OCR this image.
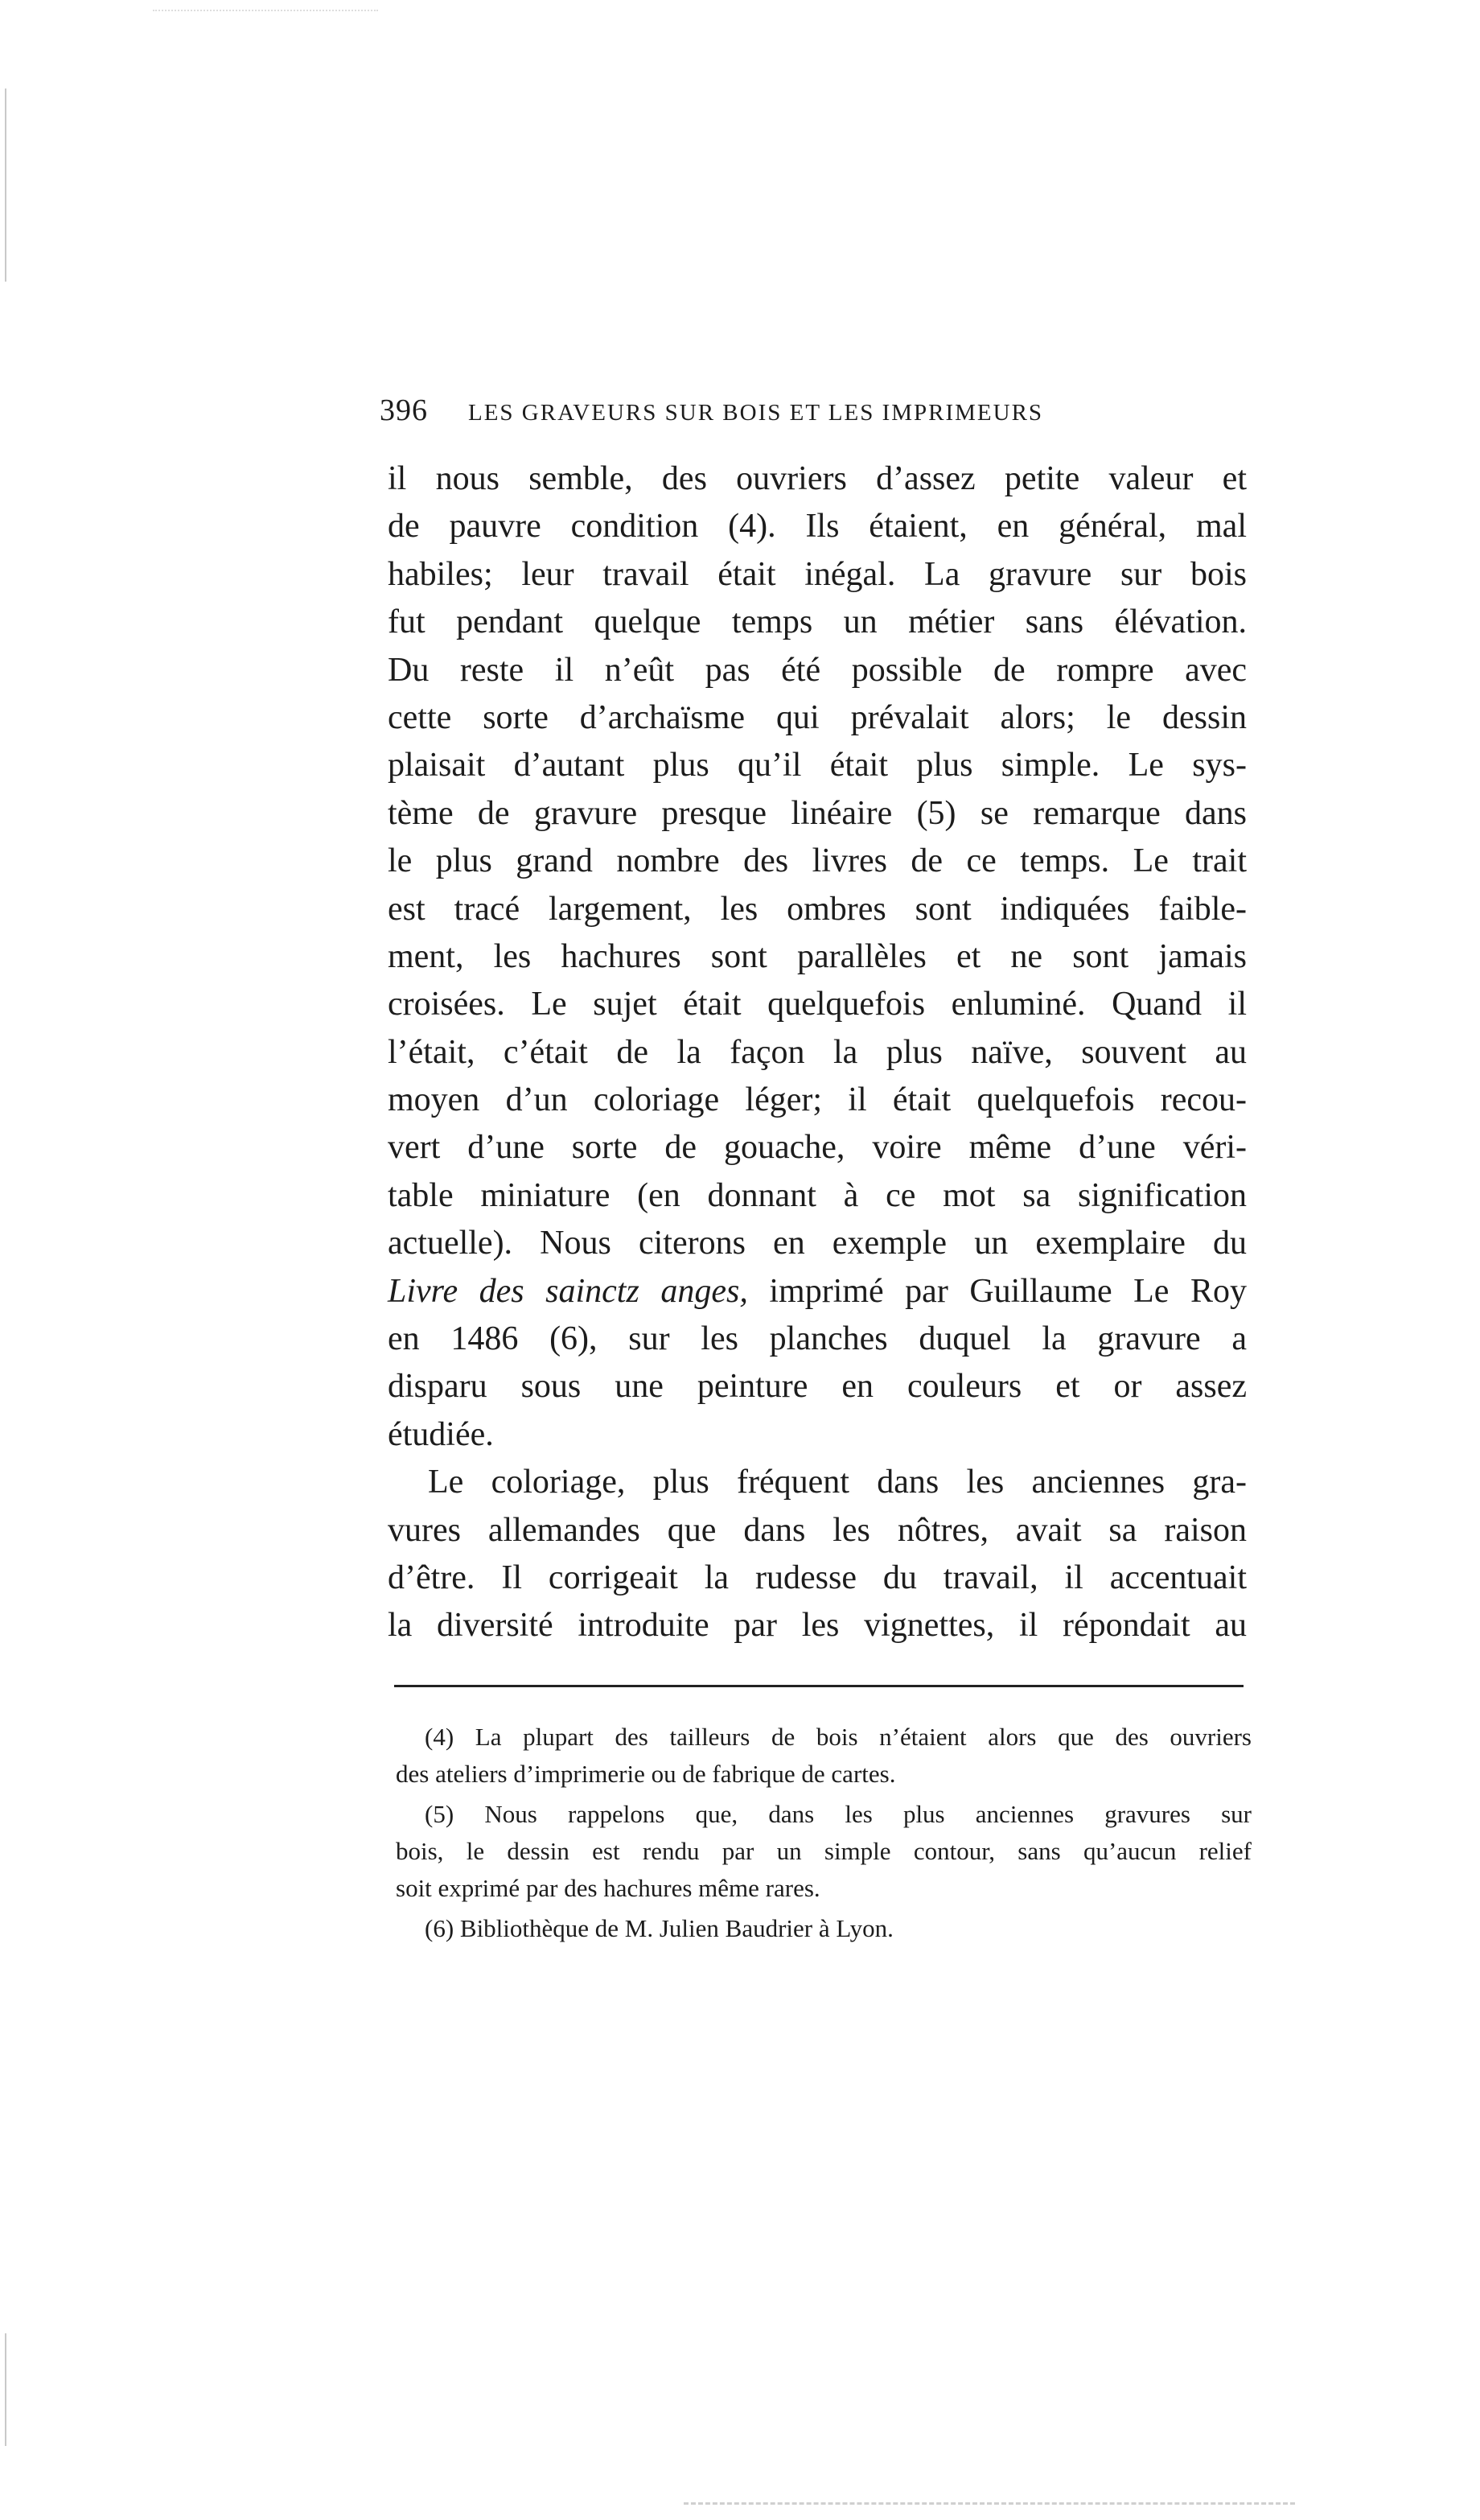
396 LES GRAVEURS SUR BOIS ET LES IMPRIMEURS
il nous semble, des ouvriers d’assez petite valeur et
de pauvre condition (4). Ils étaient, en général, mal
habiles; leur travail était inégal. La gravure sur bois
fut pendant quelque temps un métier sans élévation.
Du reste il n’eût pas été possible de rompre avec
cette sorte d’archaïsme qui prévalait alors; le dessin
plaisait d’autant plus qu’il était plus simple. Le sys-
tème de gravure presque linéaire (5) se remarque dans
le plus grand nombre des livres de ce temps. Le trait
est tracé largement, les ombres sont indiquées faible-
ment, les hachures sont parallèles et ne sont jamais
croisées. Le sujet était quelquefois enluminé. Quand il
l’était, c’était de la façon la plus naïve, souvent au
moyen d’un coloriage léger; il était quelquefois recou-
vert d’une sorte de gouache, voire même d’une véri-
table miniature (en donnant à ce mot sa signification
actuelle). Nous citerons en exemple un exemplaire du
Livre des sainctz anges, imprimé par Guillaume Le Roy
en 1486 (6), sur les planches duquel la gravure a
disparu sous une peinture en couleurs et or assez
étudiée.
Le coloriage, plus fréquent dans les anciennes gra-
vures allemandes que dans les nôtres, avait sa raison
d’être. Il corrigeait la rudesse du travail, il accentuait
la diversité introduite par les vignettes, il répondait au
(4) La plupart des tailleurs de bois n’étaient alors que des ouvriers
des ateliers d’imprimerie ou de fabrique de cartes.
(5) Nous rappelons que, dans les plus anciennes gravures sur
bois, le dessin est rendu par un simple contour, sans qu’aucun relief
soit exprimé par des hachures même rares.
(6) Bibliothèque de M. Julien Baudrier à Lyon.
